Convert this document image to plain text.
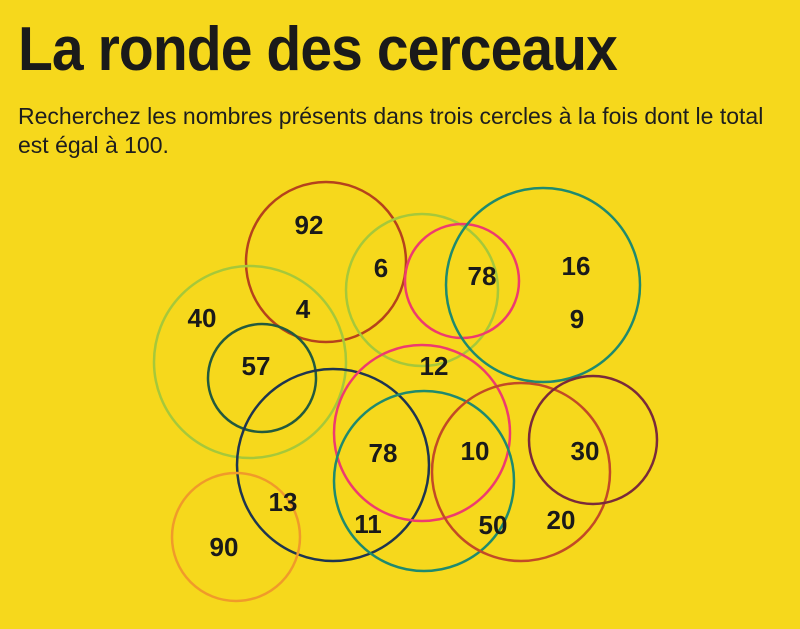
La ronde des cerceaux

Recherchez les nombres présents dans trois cercles à la fois dont le total est égal à 100.

92
6	78	16
40	4	9
57	12
78 10	30
13
20
50
11
90
